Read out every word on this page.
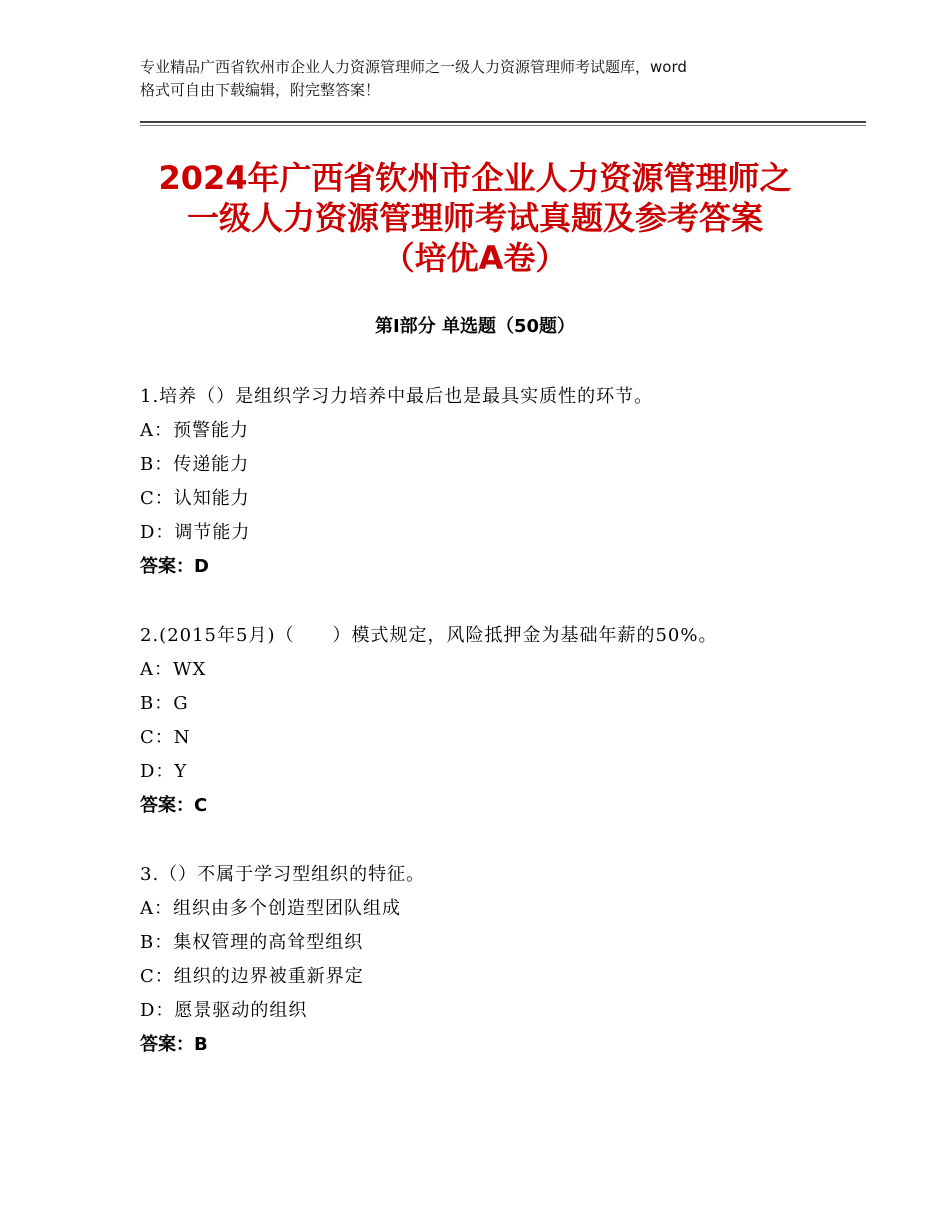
专业精品广西省钦州市企业人力资源管理师之一级人力资源管理师考试题库，word
格式可自由下载编辑，附完整答案！
2024年广西省钦州市企业人力资源管理师之
一级人力资源管理师考试真题及参考答案
（培优A卷）
第Ⅰ部分 单选题（50题）
1.培养（）是组织学习力培养中最后也是最具实质性的环节。
A：预警能力
B：传递能力
C：认知能力
D：调节能力
答案：D
2.(2015年5月)（　　）模式规定，风险抵押金为基础年薪的50%。
A：WX
B：G
C：N
D：Y
答案：C
3.（）不属于学习型组织的特征。
A：组织由多个创造型团队组成
B：集权管理的高耸型组织
C：组织的边界被重新界定
D：愿景驱动的组织
答案：B
